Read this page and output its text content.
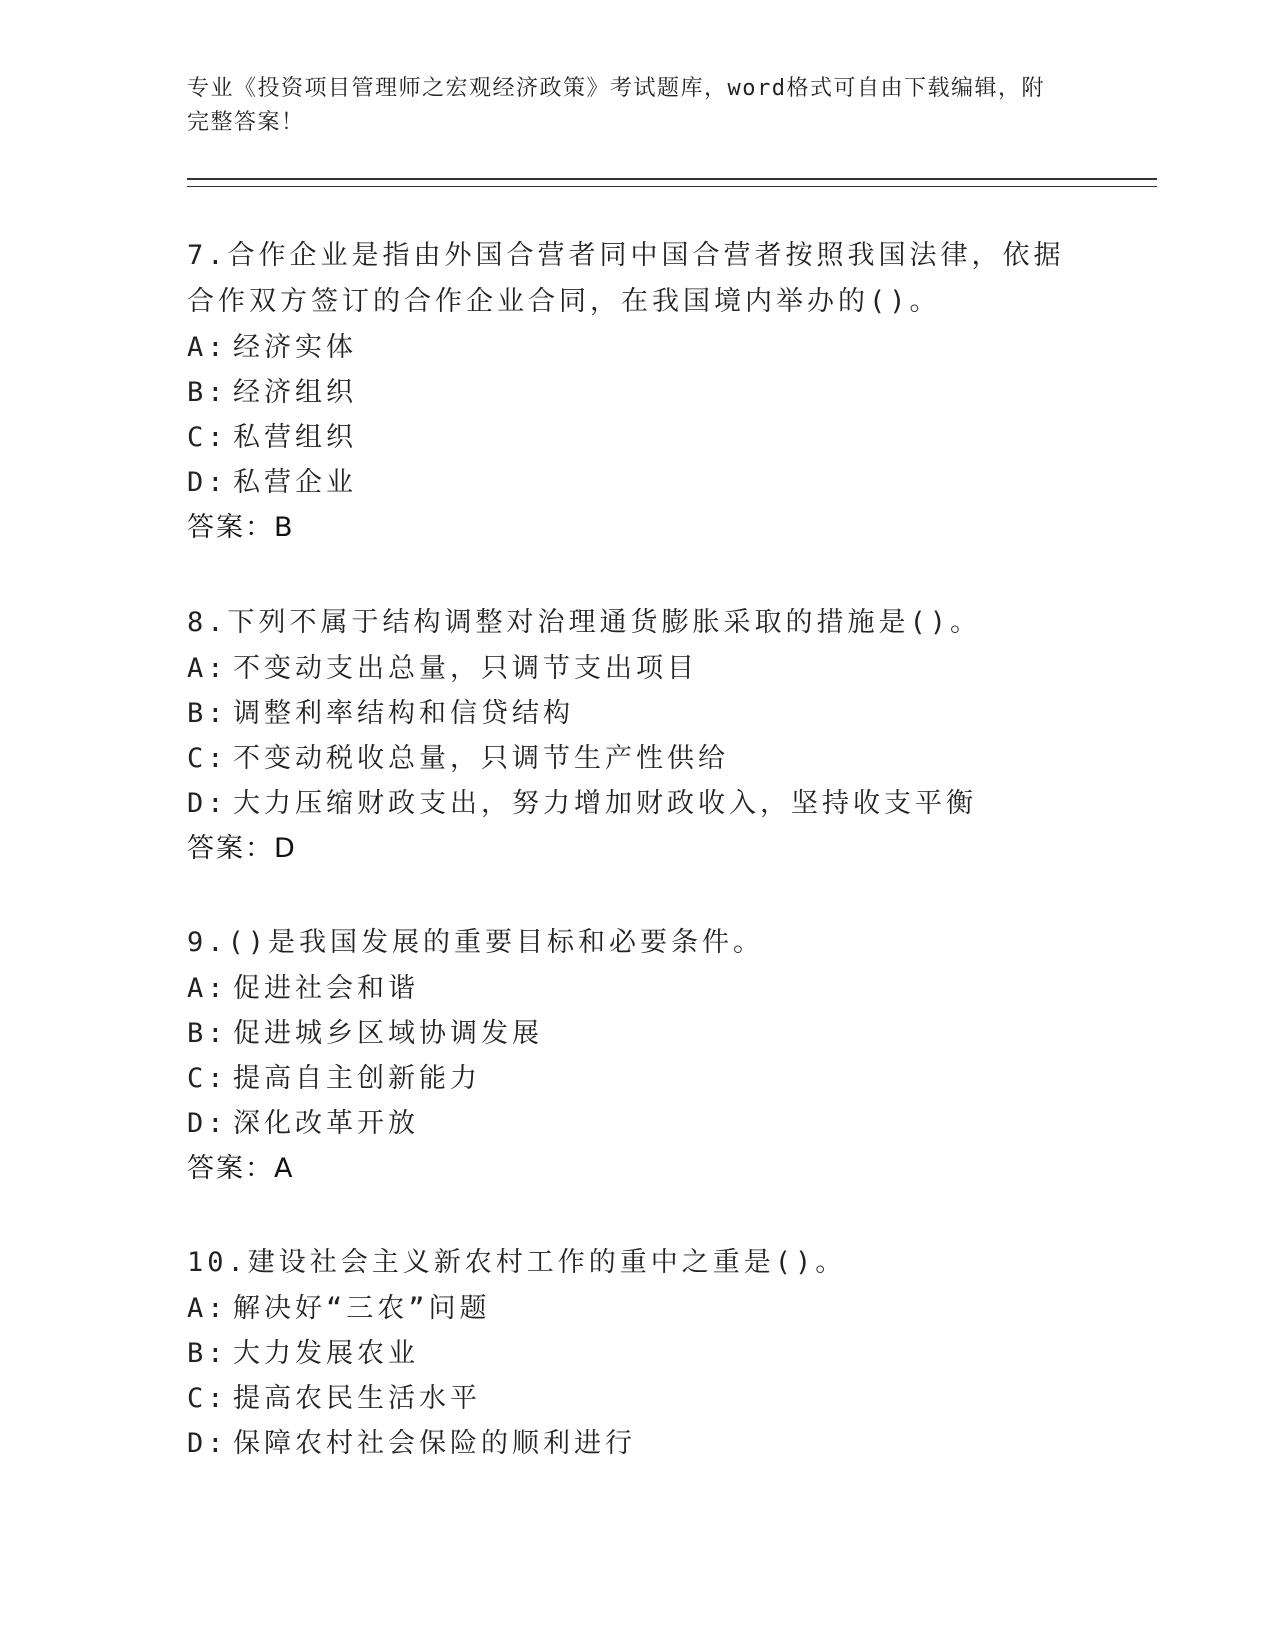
专业《投资项目管理师之宏观经济政策》考试题库，word格式可自由下载编辑，附完整答案！

7.合作企业是指由外国合营者同中国合营者按照我国法律，依据合作双方签订的合作企业合同，在我国境内举办的()。

A: 经济实体
B: 经济组织
C: 私营组织
D: 私营企业
答案：B

8.下列不属于结构调整对治理通货膨胀采取的措施是()。

A: 不变动支出总量，只调节支出项目
B: 调整利率结构和信贷结构
C: 不变动税收总量，只调节生产性供给
D: 大力压缩财政支出，努力增加财政收入，坚持收支平衡
答案：D

9.()是我国发展的重要目标和必要条件。

A: 促进社会和谐
B: 促进城乡区域协调发展
C: 提高自主创新能力
D: 深化改革开放
答案：A

10.建设社会主义新农村工作的重中之重是()。

A: 解决好“三农”问题
B: 大力发展农业
C: 提高农民生活水平
D: 保障农村社会保险的顺利进行
